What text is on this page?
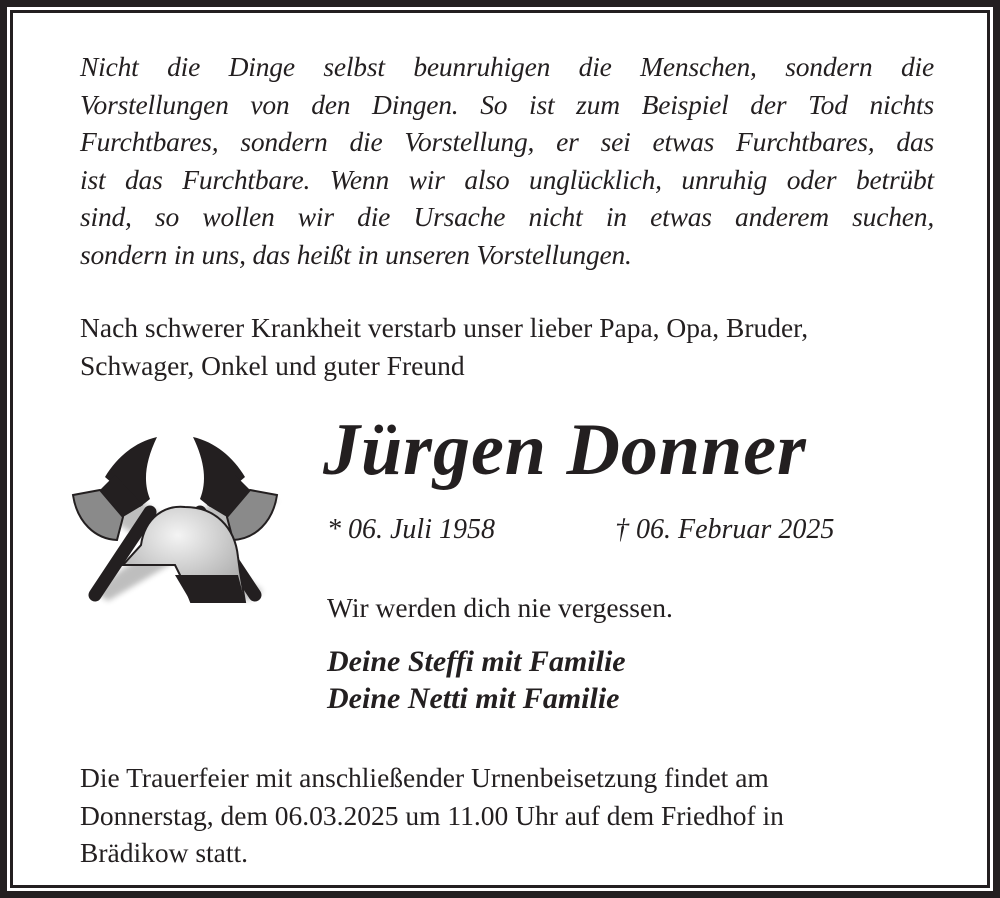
Nicht die Dinge selbst beunruhigen die Menschen, sondern die
Vorstellungen von den Dingen. So ist zum Beispiel der Tod nichts
Furchtbares, sondern die Vorstellung, er sei etwas Furchtbares, das
ist das Furchtbare. Wenn wir also unglücklich, unruhig oder betrübt
sind, so wollen wir die Ursache nicht in etwas anderem suchen,
sondern in uns, das heißt in unseren Vorstellungen.
Nach schwerer Krankheit verstarb unser lieber Papa, Opa, Bruder,
Schwager, Onkel und guter Freund
Jürgen Donner
* 06. Juli 1958	† 06. Februar 2025
Wir werden dich nie vergessen.
Deine Steffi mit Familie
Deine Netti mit Familie
Die Trauerfeier mit anschließender Urnenbeisetzung findet am
Donnerstag, dem 06.03.2025 um 11.00 Uhr auf dem Friedhof in
Brädikow statt.
